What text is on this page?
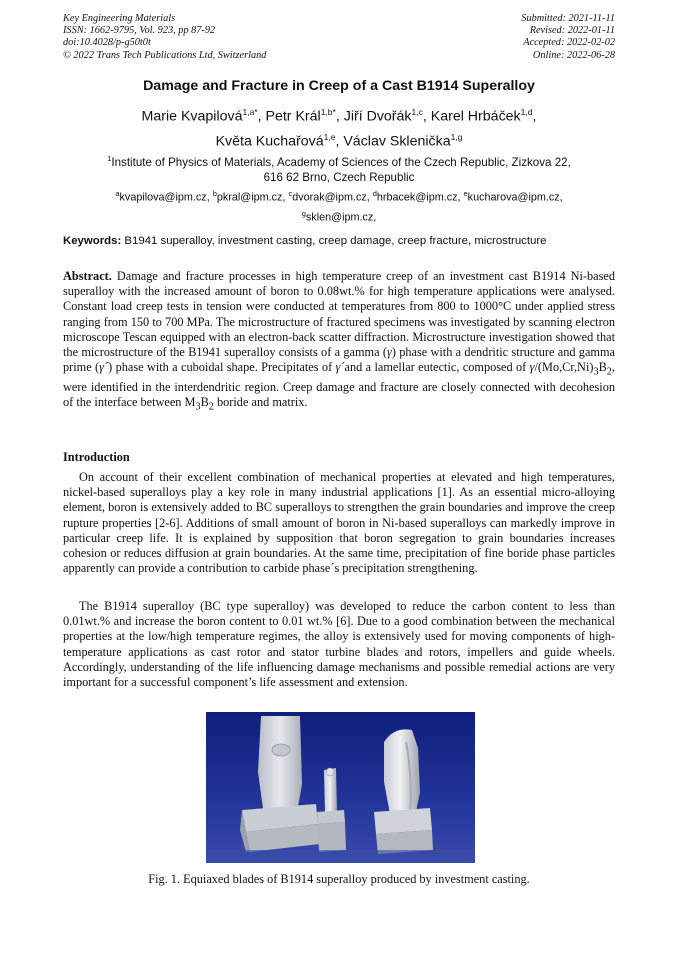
Key Engineering Materials
ISSN: 1662-9795, Vol. 923, pp 87-92
doi:10.4028/p-g50t0t
© 2022 Trans Tech Publications Ltd, Switzerland
Submitted: 2021-11-11
Revised: 2022-01-11
Accepted: 2022-02-02
Online: 2022-06-28
Damage and Fracture in Creep of a Cast B1914 Superalloy
Marie Kvapilová$^{1,a*}$, Petr Král$^{1,b*}$, Jiří Dvořák$^{1,c}$, Karel Hrbáček$^{1,d}$,
Květa Kuchařová$^{1,e}$, Václav Sklenička$^{1,g}$
$^1$Institute of Physics of Materials, Academy of Sciences of the Czech Republic, Zizkova 22,
616 62 Brno, Czech Republic
$^a$kvapilova@ipm.cz, $^b$pkral@ipm.cz, $^c$dvorak@ipm.cz, $^d$hrbacek@ipm.cz, $^e$kucharova@ipm.cz,
$^g$sklen@ipm.cz,
Keywords: B1941 superalloy, investment casting, creep damage, creep fracture, microstructure
Abstract. Damage and fracture processes in high temperature creep of an investment cast B1914 Ni-based superalloy with the increased amount of boron to 0.08wt.% for high temperature applications were analysed. Constant load creep tests in tension were conducted at temperatures from 800 to 1000°C under applied stress ranging from 150 to 700 MPa. The microstructure of fractured specimens was investigated by scanning electron microscope Tescan equipped with an electron-back scatter diffraction. Microstructure investigation showed that the microstructure of the B1941 superalloy consists of a gamma (γ) phase with a dendritic structure and gamma prime (γ´) phase with a cuboidal shape. Precipitates of γ´and a lamellar eutectic, composed of $\gamma/(Mo,Cr,Ni)_3B_2$, were identified in the interdendritic region. Creep damage and fracture are closely connected with decohesion of the interface between $M_3B_2$ boride and matrix.
Introduction
On account of their excellent combination of mechanical properties at elevated and high temperatures, nickel-based superalloys play a key role in many industrial applications [1]. As an essential micro-alloying element, boron is extensively added to BC superalloys to strengthen the grain boundaries and improve the creep rupture properties [2-6]. Additions of small amount of boron in Ni-based superalloys can markedly improve in particular creep life. It is explained by supposition that boron segregation to grain boundaries increases cohesion or reduces diffusion at grain boundaries. At the same time, precipitation of fine boride phase particles apparently can provide a contribution to carbide phase´s precipitation strengthening.
The B1914 superalloy (BC type superalloy) was developed to reduce the carbon content to less than 0.01wt.% and increase the boron content to 0.01 wt.% [6]. Due to a good combination between the mechanical properties at the low/high temperature regimes, the alloy is extensively used for moving components of high-temperature applications as cast rotor and stator turbine blades and rotors, impellers and guide wheels. Accordingly, understanding of the life influencing damage mechanisms and possible remedial actions are very important for a successful component’s life assessment and extension.
Fig. 1. Equiaxed blades of B1914 superalloy produced by investment casting.
